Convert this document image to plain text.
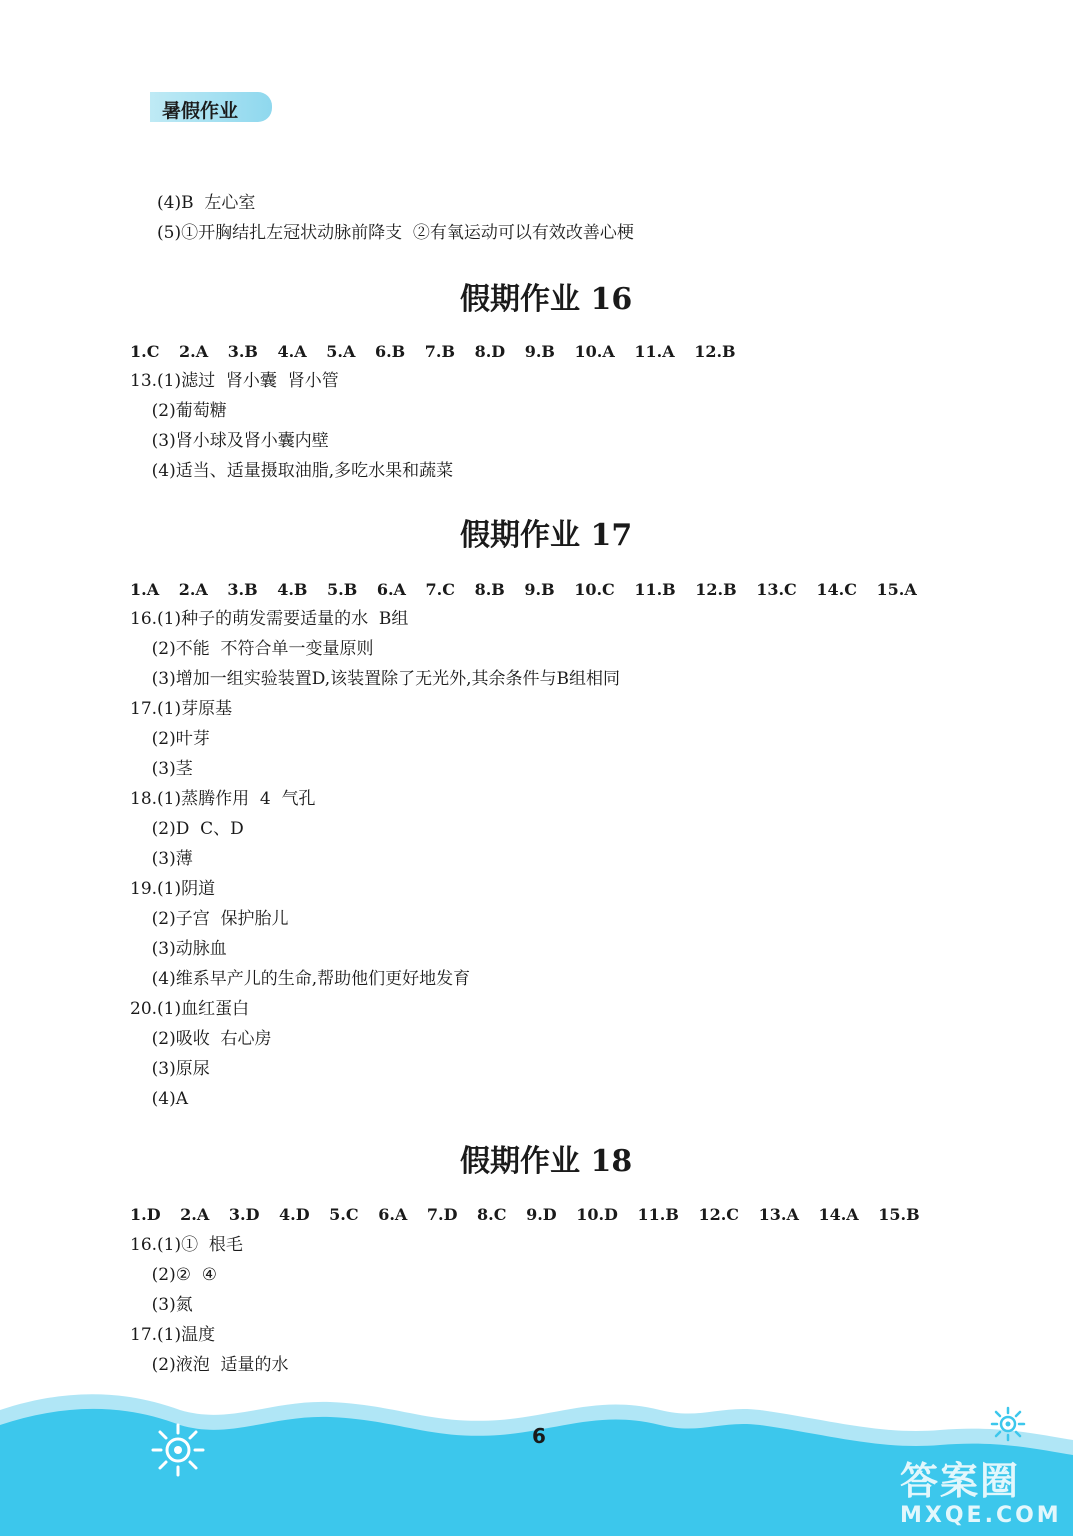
暑假作业
(4)B  左心室
(5)①开胸结扎左冠状动脉前降支  ②有氧运动可以有效改善心梗
假期作业 16
1.C 2.A 3.B 4.A 5.A 6.B 7.B 8.D 9.B 10.A 11.A 12.B
13.(1)滤过  肾小囊  肾小管
(2)葡萄糖
(3)肾小球及肾小囊内壁
(4)适当、适量摄取油脂,多吃水果和蔬菜
假期作业 17
1.A 2.A 3.B 4.B 5.B 6.A 7.C 8.B 9.B 10.C 11.B 12.B 13.C 14.C 15.A
16.(1)种子的萌发需要适量的水  B组
(2)不能  不符合单一变量原则
(3)增加一组实验装置D,该装置除了无光外,其余条件与B组相同
17.(1)芽原基
(2)叶芽
(3)茎
18.(1)蒸腾作用  4  气孔
(2)D  C、D
(3)薄
19.(1)阴道
(2)子宫  保护胎儿
(3)动脉血
(4)维系早产儿的生命,帮助他们更好地发育
20.(1)血红蛋白
(2)吸收  右心房
(3)原尿
(4)A
假期作业 18
1.D 2.A 3.D 4.D 5.C 6.A 7.D 8.C 9.D 10.D 11.B 12.C 13.A 14.A 15.B
16.(1)①  根毛
(2)②  ④
(3)氮
17.(1)温度
(2)液泡  适量的水
6
答案圈
MXQE.COM
